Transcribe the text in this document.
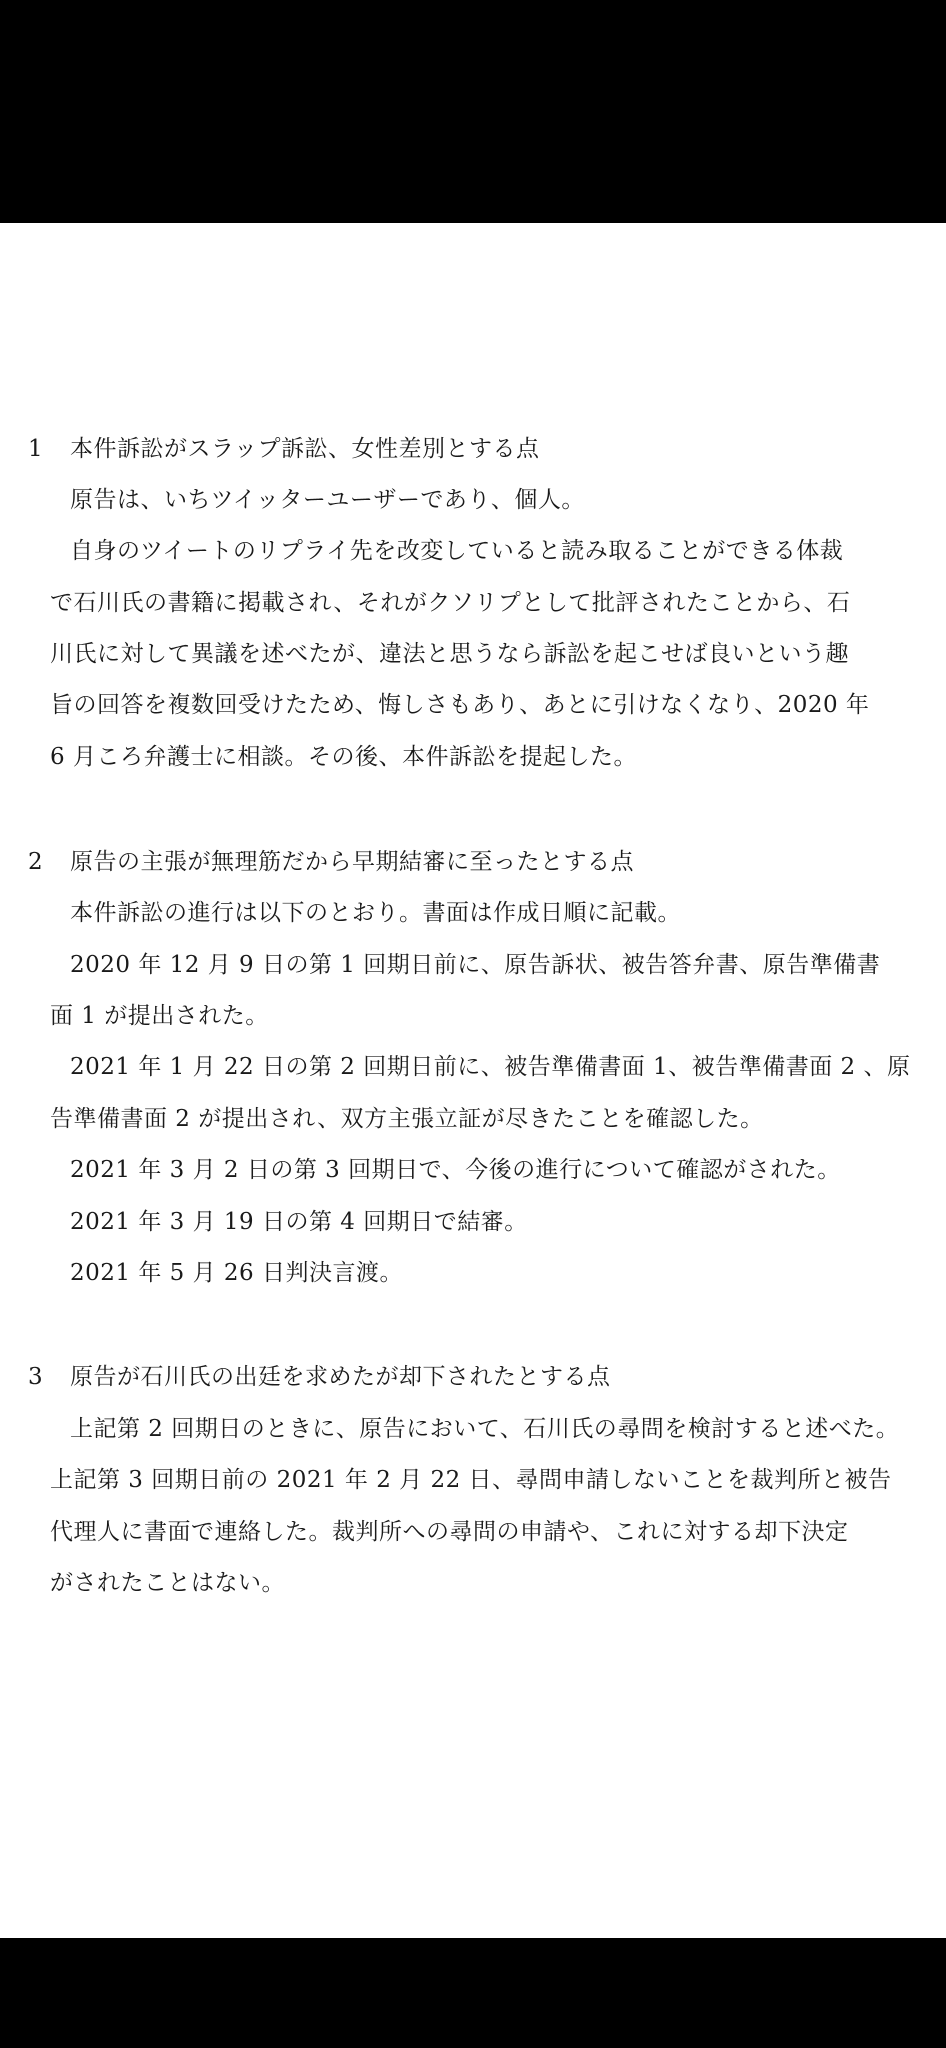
1 本件訴訟がスラップ訴訟、女性差別とする点
原告は、いちツイッターユーザーであり、個人。
自身のツイートのリプライ先を改変していると読み取ることができる体裁
で石川氏の書籍に掲載され、それがクソリプとして批評されたことから、石
川氏に対して異議を述べたが、違法と思うなら訴訟を起こせば良いという趣
旨の回答を複数回受けたため、悔しさもあり、あとに引けなくなり、2020 年
6 月ころ弁護士に相談。その後、本件訴訟を提起した。
2 原告の主張が無理筋だから早期結審に至ったとする点
本件訴訟の進行は以下のとおり。書面は作成日順に記載。
2020 年 12 月 9 日の第 1 回期日前に、原告訴状、被告答弁書、原告準備書
面 1 が提出された。
2021 年 1 月 22 日の第 2 回期日前に、被告準備書面 1、被告準備書面 2 、原
告準備書面 2 が提出され、双方主張立証が尽きたことを確認した。
2021 年 3 月 2 日の第 3 回期日で、今後の進行について確認がされた。
2021 年 3 月 19 日の第 4 回期日で結審。
2021 年 5 月 26 日判決言渡。
3 原告が石川氏の出廷を求めたが却下されたとする点
上記第 2 回期日のときに、原告において、石川氏の尋問を検討すると述べた。
上記第 3 回期日前の 2021 年 2 月 22 日、尋問申請しないことを裁判所と被告
代理人に書面で連絡した。裁判所への尋問の申請や、これに対する却下決定
がされたことはない。
